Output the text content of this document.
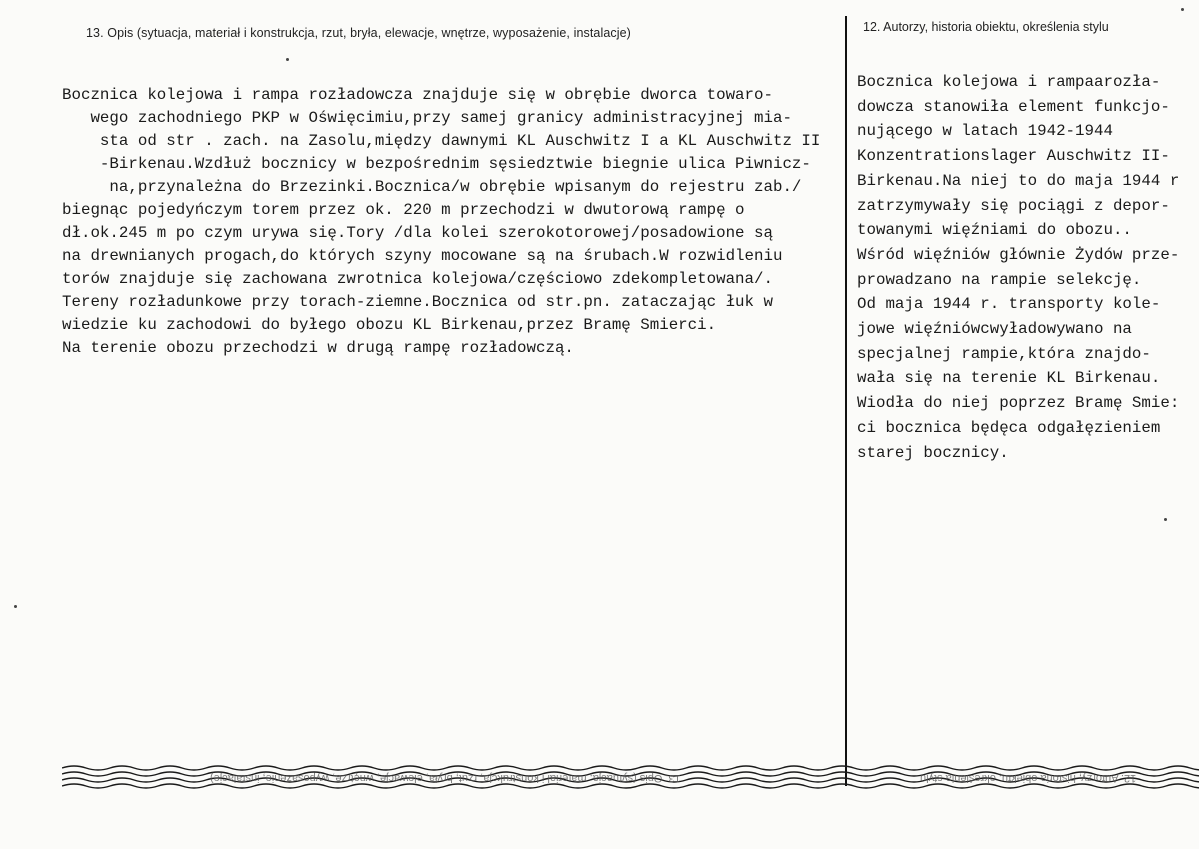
13. Opis (sytuacja, materiał i konstrukcja, rzut, bryła, elewacje, wnętrze, wyposażenie, instalacje)	12. Autorzy, historia obiektu, określenia stylu
Bocznica kolejowa i rampa rozładowcza znajduje się w obrębie dworca towaro-
wego zachodniego PKP w Oświęcimiu,przy samej granicy administracyjnej mia-
sta od str . zach. na Zasolu,między dawnymi KL Auschwitz I a KL Auschwitz II
-Birkenau.Wzdłuż bocznicy w bezpośrednim sęsiedztwie biegnie ulica Piwnicz-
na,przynależna do Brzezinki.Bocznica/w obrębie wpisanym do rejestru zab./
biegnąc pojedyńczym torem przez ok. 220 m przechodzi w dwutorową rampę o
dł.ok.245 m po czym urywa się.Tory /dla kolei szerokotorowej/posadowione są
na drewnianych progach,do których szyny mocowane są na śrubach.W rozwidleniu
torów znajduje się zachowana zwrotnica kolejowa/częściowo zdekompletowana/.
Tereny rozładunkowe przy torach-ziemne.Bocznica od str.pn. zataczając łuk w
wiedzie ku zachodowi do byłego obozu KL Birkenau,przez Bramę Smierci.
Na terenie obozu przechodzi w drugą rampę rozładowczą.
Bocznica kolejowa i rampaarozła-
dowcza stanowiła element funkcjo-
nującego w latach 1942-1944
Konzentrationslager Auschwitz II-
Birkenau.Na niej to do maja 1944 r
zatrzymywały się pociągi z depor-
towanymi więźniami do obozu..
Wśród więźniów głównie Żydów prze-
prowadzano na rampie selekcję.
Od maja 1944 r. transporty kole-
jowe więźniówcwyładowywano na
specjalnej rampie,która znajdo-
wała się na terenie KL Birkenau.
Wiodła do niej poprzez Bramę Smie:
ci bocznica będęca odgałęzieniem
starej bocznicy.
13. Opis (sytuacja, materiał i konstrukcja, rzut, bryła, elewacje, wnętrze, wyposażenie, instalacje)	12. Autorzy, historia obiektu, określenia stylu
